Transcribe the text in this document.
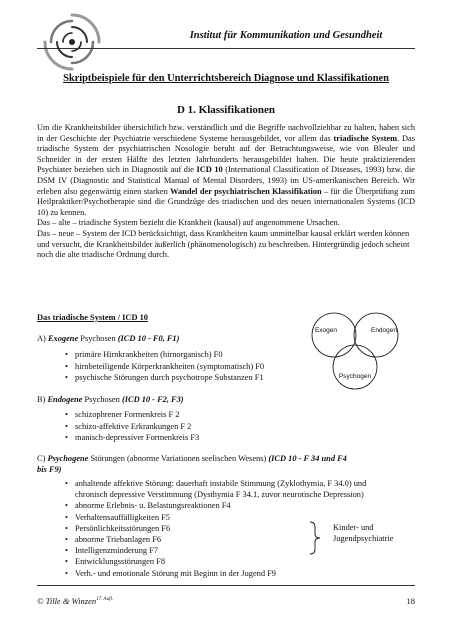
Institut für Kommunikation und Gesundheit
Skriptbeispiele für den Unterrichtsbereich Diagnose und Klassifikationen
D 1. Klassifikationen

Um die Krankheitsbilder übersichtlich bzw. verständlich und die Begriffe nachvollziehbar zu halten, haben sich in der Geschichte der Psychiatrie verschiedene Systeme herausgebildet, vor allem das triadische System. Das triadische System der psychiatrischen Nosologie beruht auf der Betrachtungsweise, wie von Bleuler und Schneider in der ersten Hälfte des letzten Jahrhunderts herausgebildet haben. Die heute praktizierenden Psychiater beziehen sich in Diagnostik auf die ICD 10 (International Classification of Diseases, 1993) bzw. die DSM IV (Diagnostic and Statistical Manual of Mental Disorders, 1993) im US-amerikanischen Bereich. Wir erleben also gegenwärtig einen starken Wandel der psychiatrischen Klassifikation – für die Überprüfung zum Heilpraktiker/Psychotherapie sind die Grundzüge des triadischen und des neuen internationalen Systems (ICD 10) zu kennen.

Das – alte – triadische System bezieht die Krankheit (kausal) auf angenommene Ursachen.

Das – neue – System der ICD berücksichtigt, dass Krankheiten kaum unmittelbar kausal erklärt werden können und versucht, die Krankheitsbilder äußerlich (phänomenologisch) zu beschreiben. Hintergründig jedoch scheint noch die alte triadische Ordnung durch.

Das triadische System / ICD 10
Exogen	Endogen
Psychogen
A) Exogene Psychosen (ICD 10 - F0, F1)
• primäre Hirnkrankheiten (hirnorganisch) F0
• hirnbeteiligende Körperkrankheiten (symptomatisch) F0
• psychische Störungen durch psychotrope Substanzen F1
B) Endogene Psychosen (ICD 10 - F2, F3)
• schizophrener Formenkreis F 2
• schizo-affektive Erkrankungen F 2
• manisch-depressiver Formenkreis F3
C) Psychogene Störungen (abnorme Variationen seelischen Wesens) (ICD 10 - F 34 und F4
bis F9)
• anhaltende affektive Störung: dauerhaft instabile Stimmung (Zyklothymia, F 34.0) und
chronisch depressive Verstimmung (Dysthymia F 34.1, zuvor neurotische Depression)
• abnorme Erlebnis- u. Belastungsreaktionen F4
• Verhaltensauffälligkeiten F5
• Persönlichkeitsstörungen F6
• abnorme Triebanlagen F6
• Intelligenzminderung F7
• Entwicklungsstörungen F8
• Verh.- und emotionale Störung mit Beginn in der Jugend F9
Kinder- und
Jugendpsychiatrie
© Tille & Winzen$^{17. Aufl.}$	18
